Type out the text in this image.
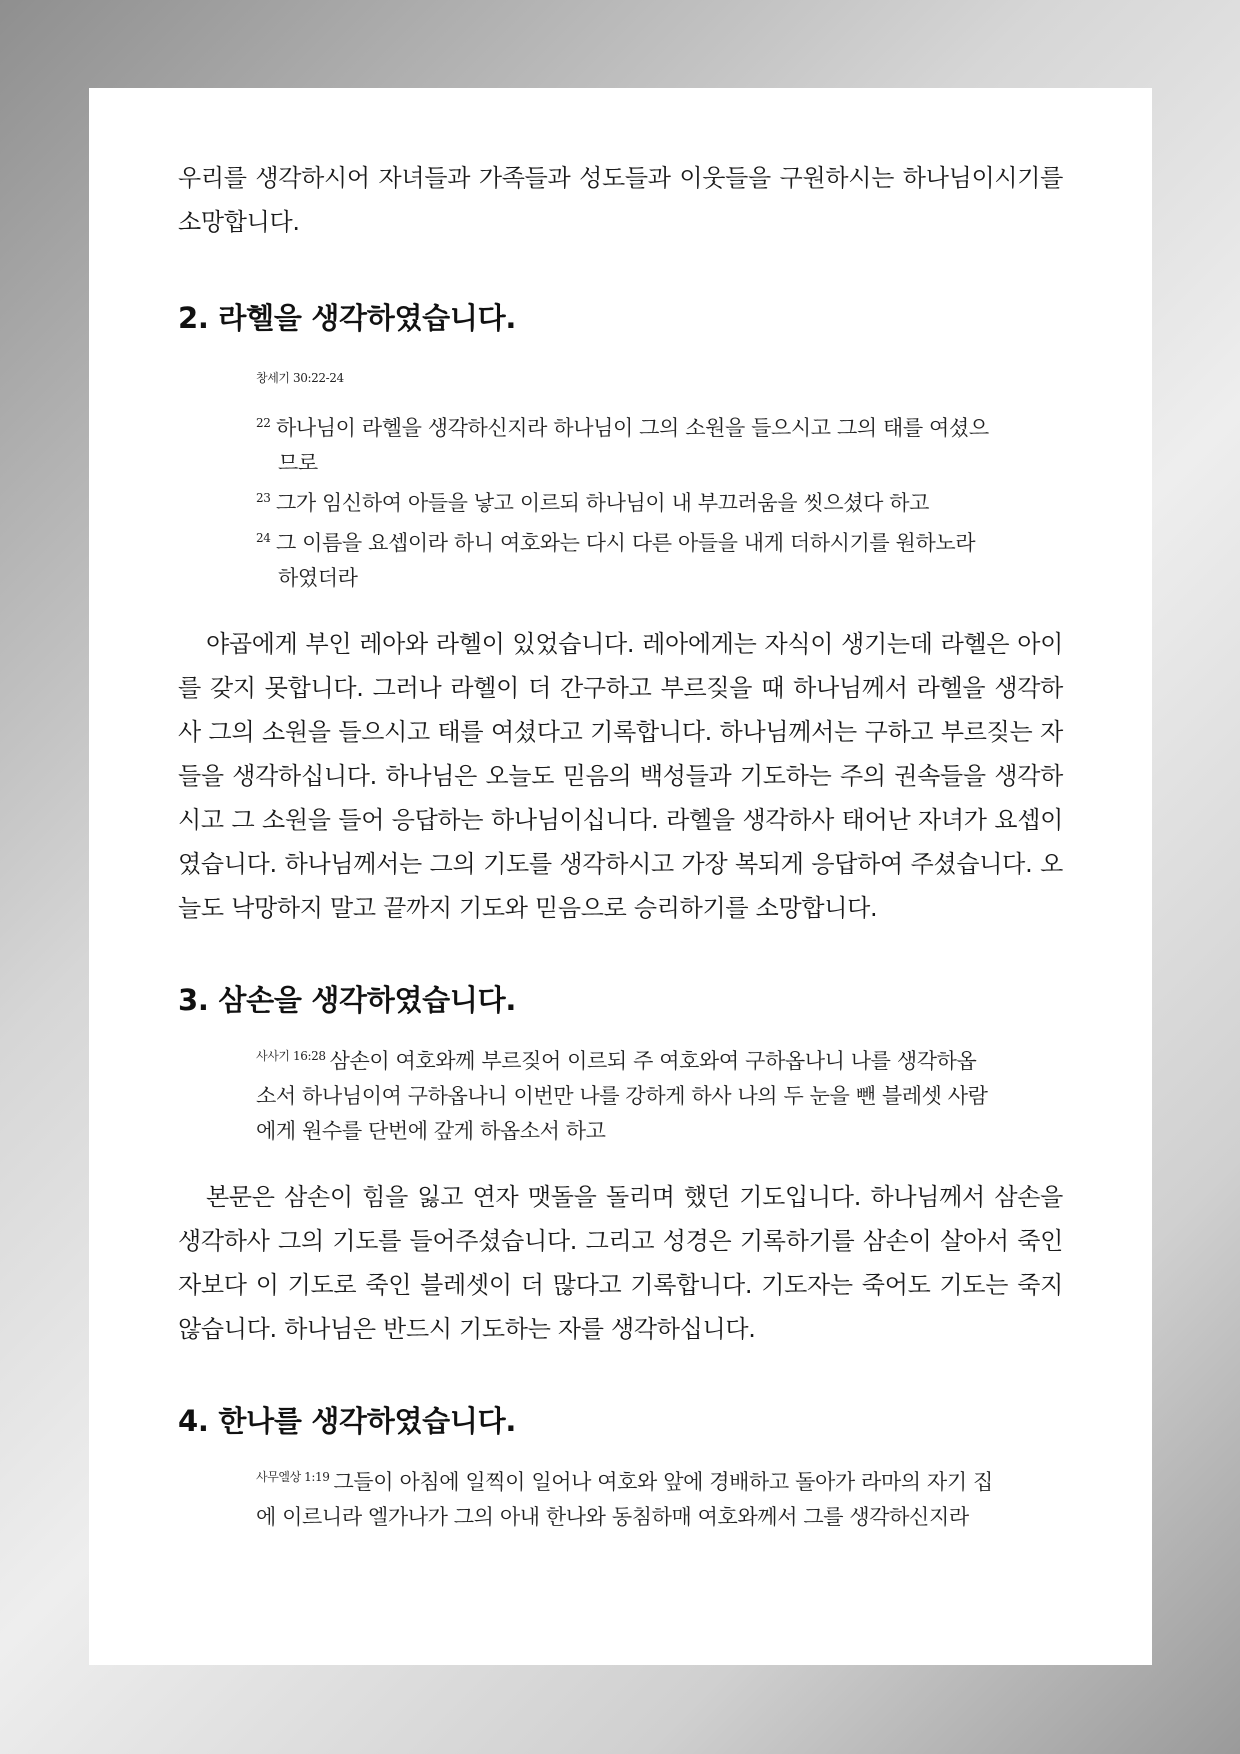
우리를 생각하시어 자녀들과 가족들과 성도들과 이웃들을 구원하시는 하나님이시기를 소망합니다.

2. 라헬을 생각하였습니다.
창세기 30:22-24

22 하나님이 라헬을 생각하신지라 하나님이 그의 소원을 들으시고 그의 태를 여셨으므로

23 그가 임신하여 아들을 낳고 이르되 하나님이 내 부끄러움을 씻으셨다 하고

24 그 이름을 요셉이라 하니 여호와는 다시 다른 아들을 내게 더하시기를 원하노라 하였더라

야곱에게 부인 레아와 라헬이 있었습니다. 레아에게는 자식이 생기는데 라헬은 아이를 갖지 못합니다. 그러나 라헬이 더 간구하고 부르짖을 때 하나님께서 라헬을 생각하사 그의 소원을 들으시고 태를 여셨다고 기록합니다. 하나님께서는 구하고 부르짖는 자들을 생각하십니다. 하나님은 오늘도 믿음의 백성들과 기도하는 주의 권속들을 생각하시고 그 소원을 들어 응답하는 하나님이십니다. 라헬을 생각하사 태어난 자녀가 요셉이였습니다. 하나님께서는 그의 기도를 생각하시고 가장 복되게 응답하여 주셨습니다. 오늘도 낙망하지 말고 끝까지 기도와 믿음으로 승리하기를 소망합니다.

3. 삼손을 생각하였습니다.
$^{사사기 16:28}$ 삼손이 여호와께 부르짖어 이르되 주 여호와여 구하옵나니 나를 생각하옵소서 하나님이여 구하옵나니 이번만 나를 강하게 하사 나의 두 눈을 뺀 블레셋 사람에게 원수를 단번에 갚게 하옵소서 하고

본문은 삼손이 힘을 잃고 연자 맷돌을 돌리며 했던 기도입니다. 하나님께서 삼손을 생각하사 그의 기도를 들어주셨습니다. 그리고 성경은 기록하기를 삼손이 살아서 죽인 자보다 이 기도로 죽인 블레셋이 더 많다고 기록합니다. 기도자는 죽어도 기도는 죽지 않습니다. 하나님은 반드시 기도하는 자를 생각하십니다.

4. 한나를 생각하였습니다.
$^{사무엘상 1:19}$ 그들이 아침에 일찍이 일어나 여호와 앞에 경배하고 돌아가 라마의 자기 집에 이르니라 엘가나가 그의 아내 한나와 동침하매 여호와께서 그를 생각하신지라
